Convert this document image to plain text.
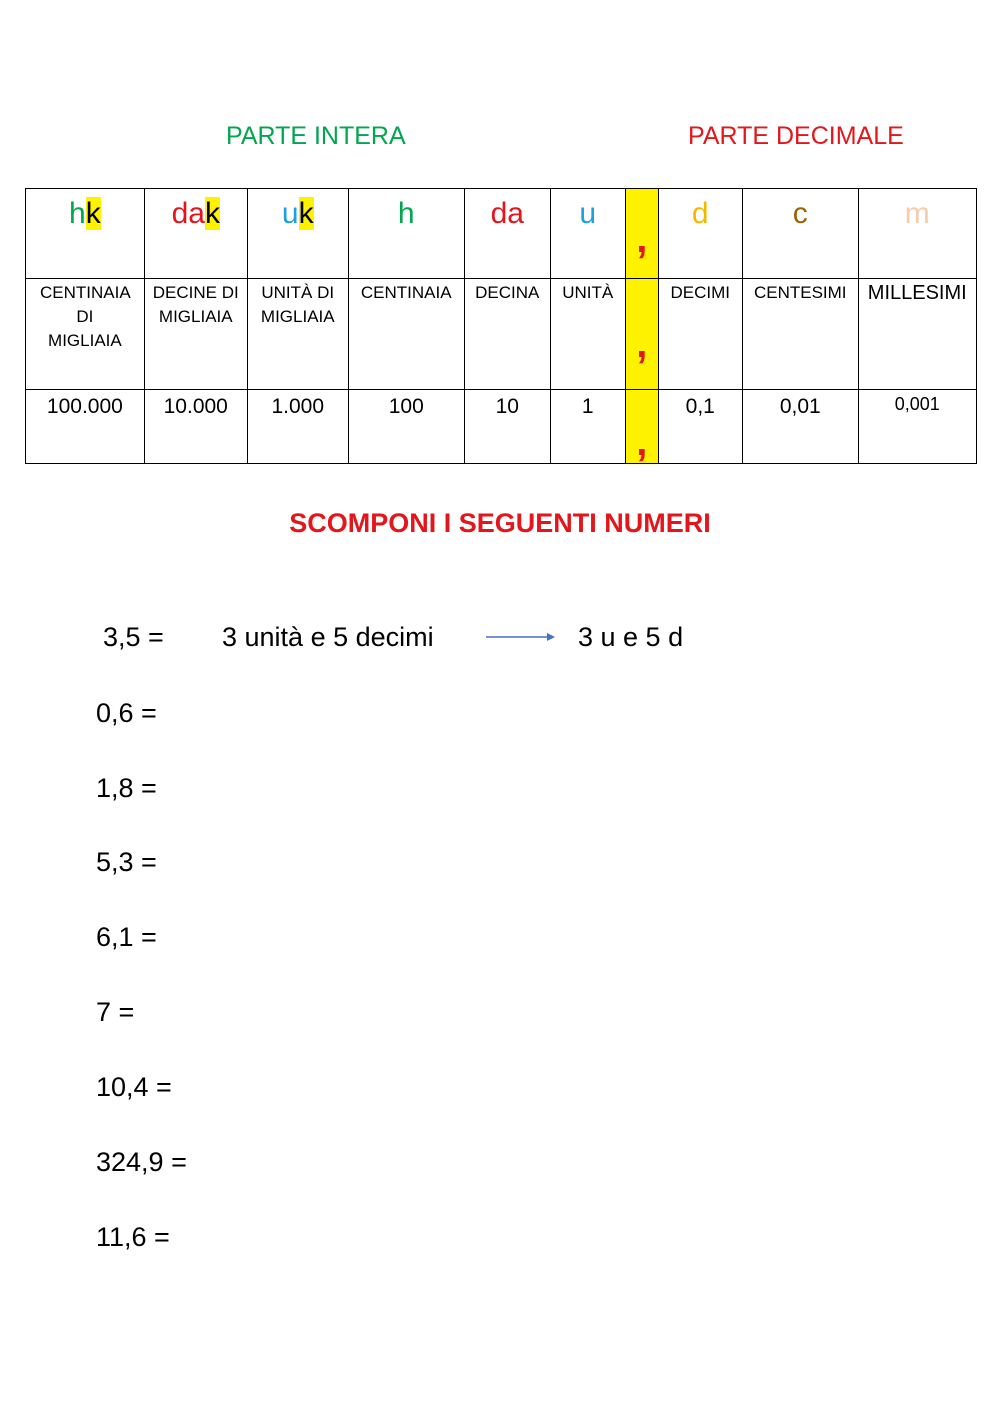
PARTE INTERA	PARTE DECIMALE
hk	dak	uk	h	da	u	,	d	c	m

CENTINAIA DI MIGLIAIA	DECINE DI MIGLIAIA	UNITÀ DI MIGLIAIA	CENTINAIA	DECINA	UNITÀ	,	DECIMI	CENTESIMI	MILLESIMI

100.000	10.000	1.000	100	10	1	,	0,1	0,01	0,001
SCOMPONI I SEGUENTI NUMERI
3,5 = 3 unità e 5 decimi	3 u e 5 d
0,6 =
1,8 =
5,3 =
6,1 =
7 =
10,4 =
324,9 =
11,6 =
